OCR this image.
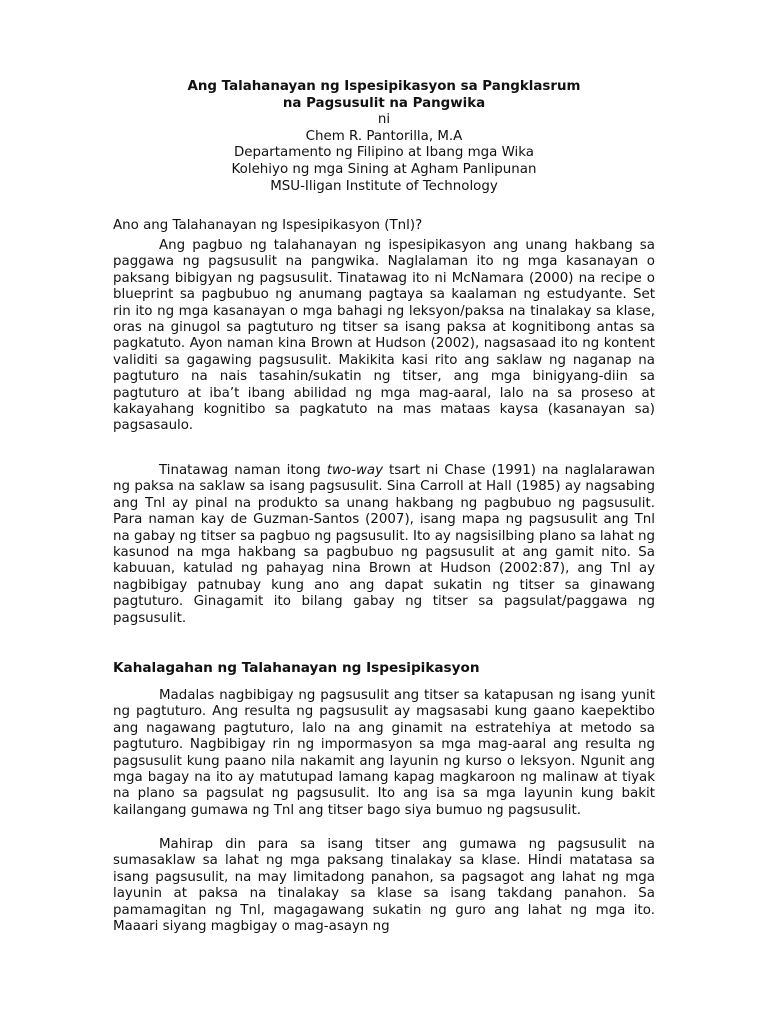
Ang Talahanayan ng Ispesipikasyon sa Pangklasrum
na Pagsusulit na Pangwika
ni
Chem R. Pantorilla, M.A
Departamento ng Filipino at Ibang mga Wika
Kolehiyo ng mga Sining at Agham Panlipunan
MSU-Iligan Institute of Technology
Ano ang Talahanayan ng Ispesipikasyon (Tnl)?

Ang pagbuo ng talahanayan ng ispesipikasyon ang unang hakbang sa paggawa ng pagsusulit na pangwika. Naglalaman ito ng mga kasanayan o paksang bibigyan ng pagsusulit. Tinatawag ito ni McNamara (2000) na recipe o blueprint sa pagbubuo ng anumang pagtaya sa kaalaman ng estudyante. Set rin ito ng mga kasanayan o mga bahagi ng leksyon/paksa na tinalakay sa klase, oras na ginugol sa pagtuturo ng titser sa isang paksa at kognitibong antas sa pagkatuto. Ayon naman kina Brown at Hudson (2002), nagsasaad ito ng kontent validiti sa gagawing pagsusulit. Makikita kasi rito ang saklaw ng naganap na pagtuturo na nais tasahin/sukatin ng titser, ang mga binigyang-diin sa pagtuturo at iba’t ibang abilidad ng mga mag-aaral, lalo na sa proseso at kakayahang kognitibo sa pagkatuto na mas mataas kaysa (kasanayan sa) pagsasaulo.

Tinatawag naman itong two-way tsart ni Chase (1991) na naglalarawan ng paksa na saklaw sa isang pagsusulit. Sina Carroll at Hall (1985) ay nagsabing ang Tnl ay pinal na produkto sa unang hakbang ng pagbubuo ng pagsusulit. Para naman kay de Guzman-Santos (2007), isang mapa ng pagsusulit ang Tnl na gabay ng titser sa pagbuo ng pagsusulit. Ito ay nagsisilbing plano sa lahat ng kasunod na mga hakbang sa pagbubuo ng pagsusulit at ang gamit nito. Sa kabuuan, katulad ng pahayag nina Brown at Hudson (2002:87), ang Tnl ay nagbibigay patnubay kung ano ang dapat sukatin ng titser sa ginawang pagtuturo. Ginagamit ito bilang gabay ng titser sa pagsulat/paggawa ng pagsusulit.

Kahalagahan ng Talahanayan ng Ispesipikasyon

Madalas nagbibigay ng pagsusulit ang titser sa katapusan ng isang yunit ng pagtuturo. Ang resulta ng pagsusulit ay magsasabi kung gaano kaepektibo ang nagawang pagtuturo, lalo na ang ginamit na estratehiya at metodo sa pagtuturo. Nagbibigay rin ng impormasyon sa mga mag-aaral ang resulta ng pagsusulit kung paano nila nakamit ang layunin ng kurso o leksyon. Ngunit ang mga bagay na ito ay matutupad lamang kapag magkaroon ng malinaw at tiyak na plano sa pagsulat ng pagsusulit. Ito ang isa sa mga layunin kung bakit kailangang gumawa ng Tnl ang titser bago siya bumuo ng pagsusulit.

Mahirap din para sa isang titser ang gumawa ng pagsusulit na sumasaklaw sa lahat ng mga paksang tinalakay sa klase. Hindi matatasa sa isang pagsusulit, na may limitadong panahon, sa pagsagot ang lahat ng mga layunin at paksa na tinalakay sa klase sa isang takdang panahon. Sa pamamagitan ng Tnl, magagawang sukatin ng guro ang lahat ng mga ito. Maaari siyang magbigay o mag-asayn ng
